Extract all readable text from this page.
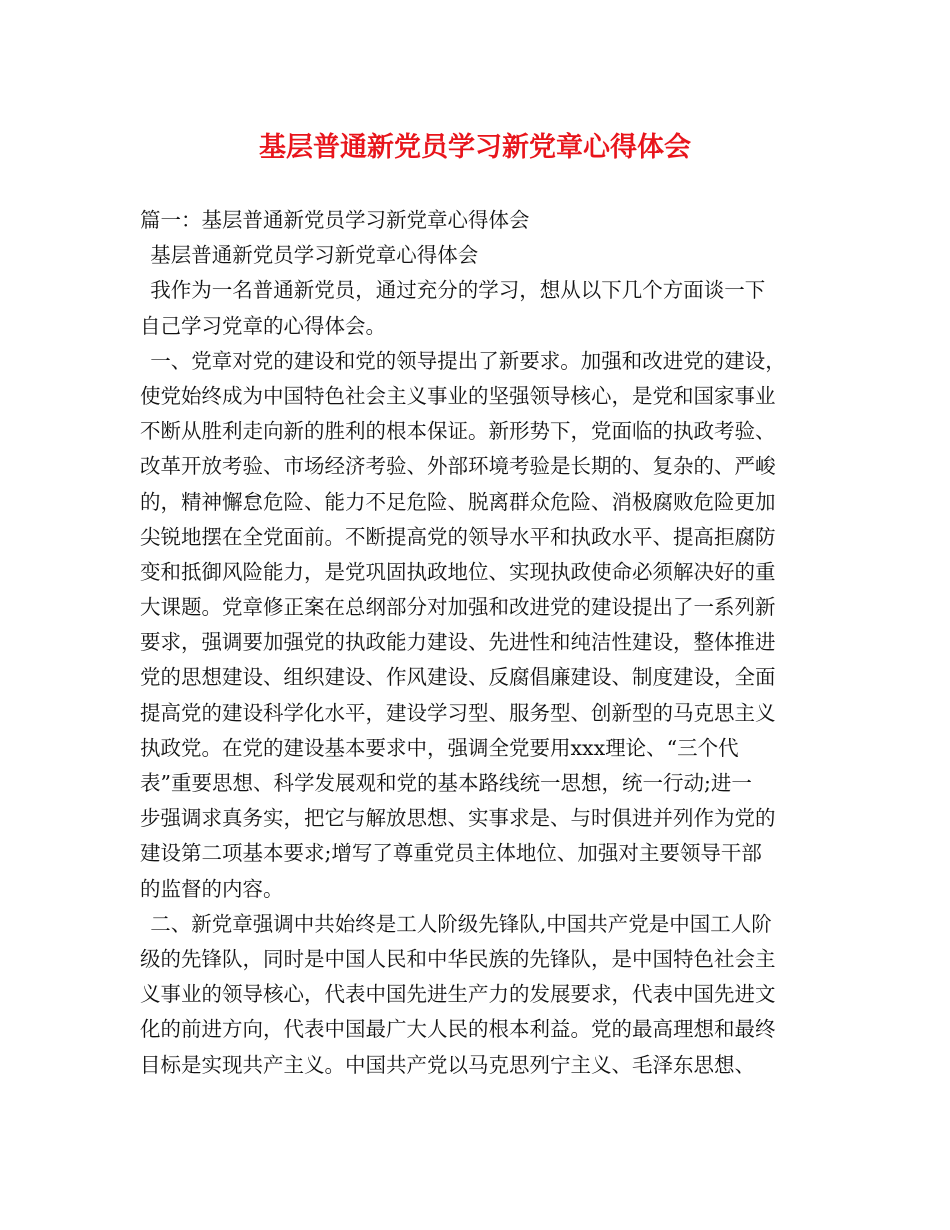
基层普通新党员学习新党章心得体会
篇一：基层普通新党员学习新党章心得体会
 基层普通新党员学习新党章心得体会
 我作为一名普通新党员，通过充分的学习，想从以下几个方面谈一下
自己学习党章的心得体会。
 一、党章对党的建设和党的领导提出了新要求。加强和改进党的建设，
使党始终成为中国特色社会主义事业的坚强领导核心，是党和国家事业
不断从胜利走向新的胜利的根本保证。新形势下，党面临的执政考验、
改革开放考验、市场经济考验、外部环境考验是长期的、复杂的、严峻
的，精神懈怠危险、能力不足危险、脱离群众危险、消极腐败危险更加
尖锐地摆在全党面前。不断提高党的领导水平和执政水平、提高拒腐防
变和抵御风险能力，是党巩固执政地位、实现执政使命必须解决好的重
大课题。党章修正案在总纲部分对加强和改进党的建设提出了一系列新
要求，强调要加强党的执政能力建设、先进性和纯洁性建设，整体推进
党的思想建设、组织建设、作风建设、反腐倡廉建设、制度建设，全面
提高党的建设科学化水平，建设学习型、服务型、创新型的马克思主义
执政党。在党的建设基本要求中，强调全党要用xxx理论、“三个代
表”重要思想、科学发展观和党的基本路线统一思想，统一行动;进一
步强调求真务实，把它与解放思想、实事求是、与时俱进并列作为党的
建设第二项基本要求;增写了尊重党员主体地位、加强对主要领导干部
的监督的内容。
 二、新党章强调中共始终是工人阶级先锋队,中国共产党是中国工人阶
级的先锋队，同时是中国人民和中华民族的先锋队，是中国特色社会主
义事业的领导核心，代表中国先进生产力的发展要求，代表中国先进文
化的前进方向，代表中国最广大人民的根本利益。党的最高理想和最终
目标是实现共产主义。中国共产党以马克思列宁主义、毛泽东思想、
